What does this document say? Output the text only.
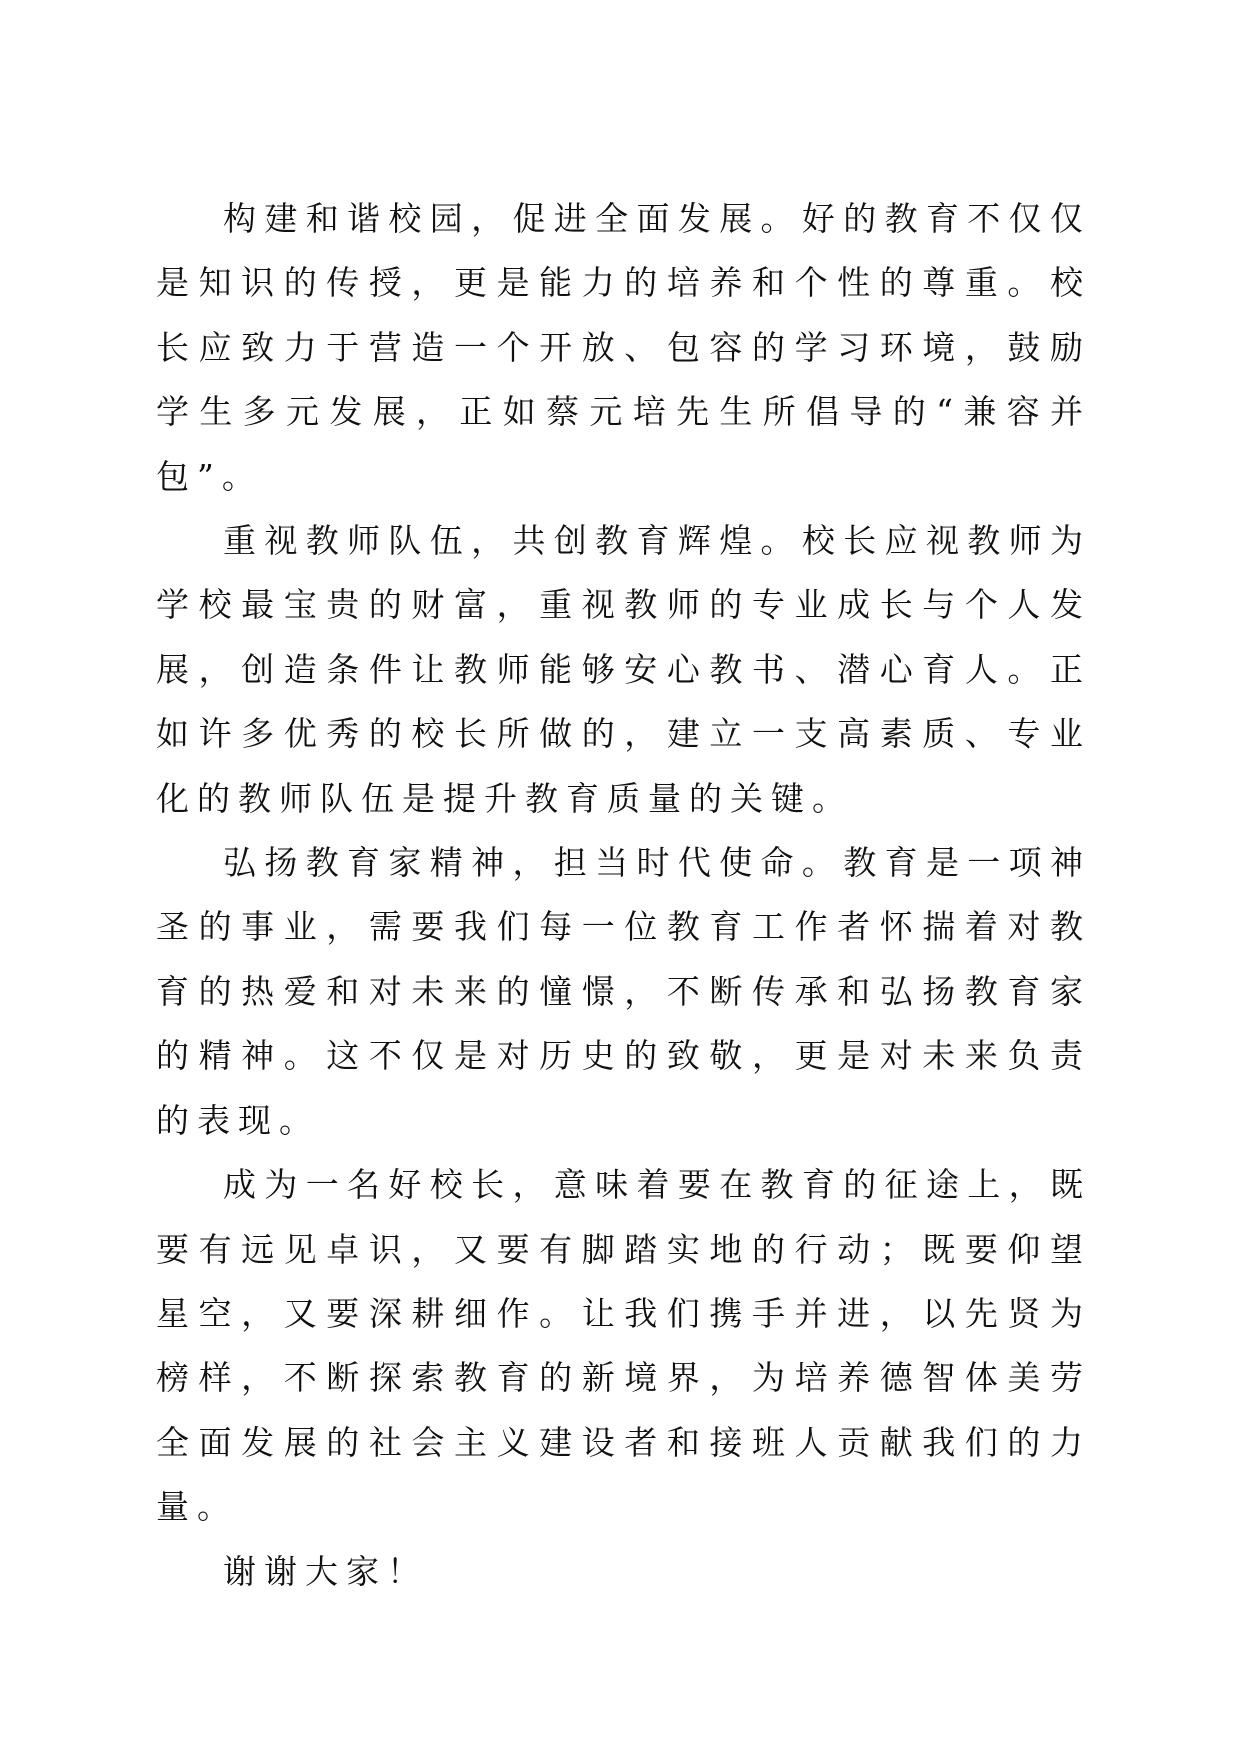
构建和谐校园，促进全面发展。好的教育不仅仅是知识的传授，更是能力的培养和个性的尊重。校长应致力于营造一个开放、包容的学习环境，鼓励学生多元发展，正如蔡元培先生所倡导的“兼容并包”。

重视教师队伍，共创教育辉煌。校长应视教师为学校最宝贵的财富，重视教师的专业成长与个人发展，创造条件让教师能够安心教书、潜心育人。正如许多优秀的校长所做的，建立一支高素质、专业化的教师队伍是提升教育质量的关键。

弘扬教育家精神，担当时代使命。教育是一项神圣的事业，需要我们每一位教育工作者怀揣着对教育的热爱和对未来的憧憬，不断传承和弘扬教育家的精神。这不仅是对历史的致敬，更是对未来负责的表现。

成为一名好校长，意味着要在教育的征途上，既要有远见卓识，又要有脚踏实地的行动；既要仰望星空，又要深耕细作。让我们携手并进，以先贤为榜样，不断探索教育的新境界，为培养德智体美劳全面发展的社会主义建设者和接班人贡献我们的力量。

谢谢大家！
